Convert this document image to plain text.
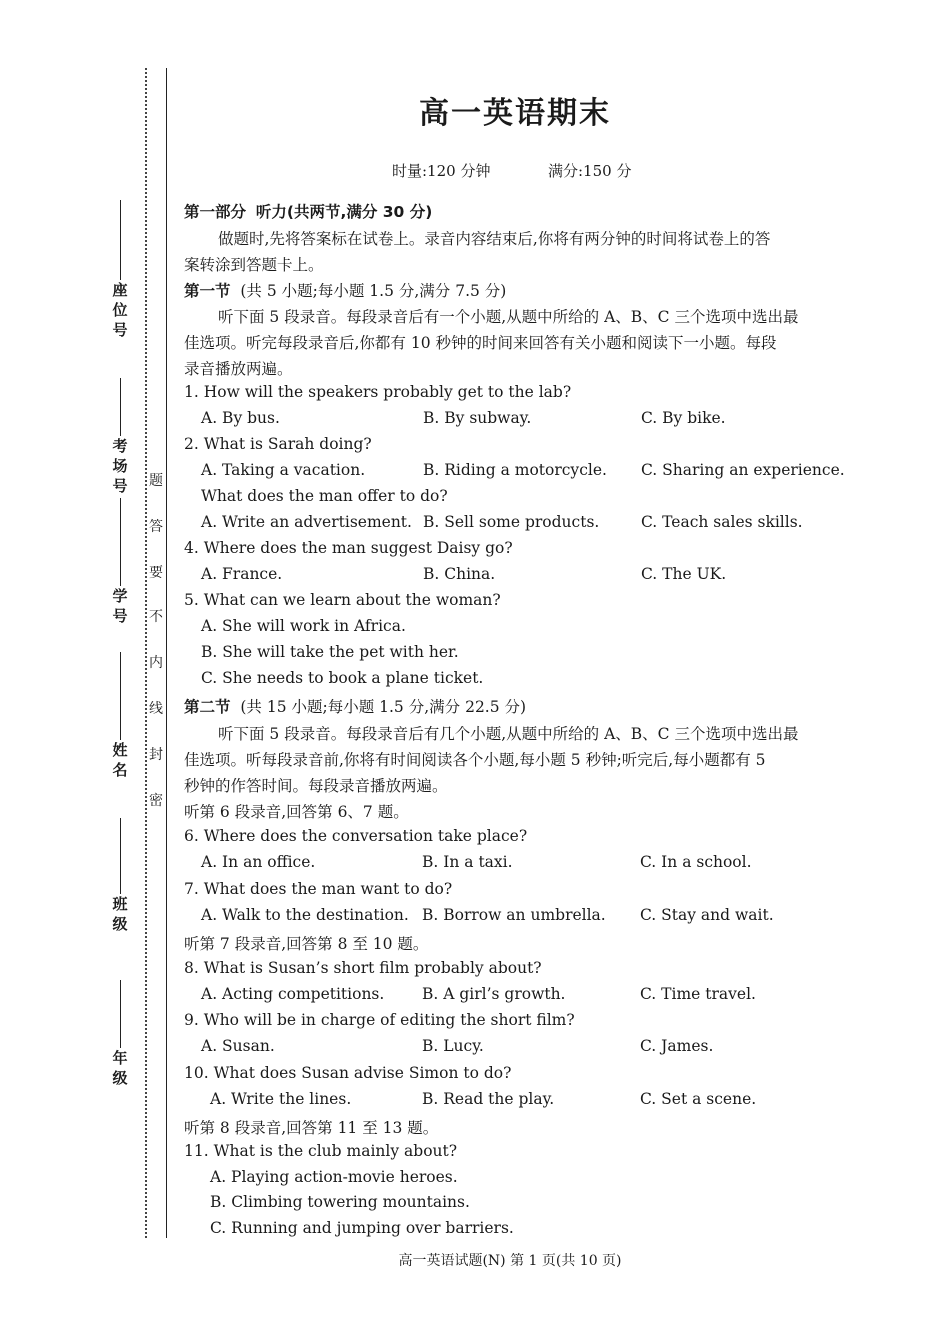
座位号
考场号
学 号
姓 名
班 级
年 级
密
封
线
内
不
要
答
题
高一英语期末
时量:120 分钟	满分:150 分
第一部分 听力(共两节,满分 30 分)
做题时,先将答案标在试卷上。录音内容结束后,你将有两分钟的时间将试卷上的答
案转涂到答题卡上。
第一节 (共 5 小题;每小题 1.5 分,满分 7.5 分)
听下面 5 段录音。每段录音后有一个小题,从题中所给的 A、B、C 三个选项中选出最
佳选项。听完每段录音后,你都有 10 秒钟的时间来回答有关小题和阅读下一小题。每段
录音播放两遍。
1. How will the speakers probably get to the lab?
A. By bus.	B. By subway.	C. By bike.
2. What is Sarah doing?
A. Taking a vacation.	B. Riding a motorcycle. C. Sharing an experience.
What does the man offer to do?
A. Write an advertisement. B. Sell some products.	C. Teach sales skills.
4. Where does the man suggest Daisy go?
A. France.	B. China.	C. The UK.
5. What can we learn about the woman?
A. She will work in Africa.
B. She will take the pet with her.
C. She needs to book a plane ticket.
第二节 (共 15 小题;每小题 1.5 分,满分 22.5 分)
听下面 5 段录音。每段录音后有几个小题,从题中所给的 A、B、C 三个选项中选出最
佳选项。听每段录音前,你将有时间阅读各个小题,每小题 5 秒钟;听完后,每小题都有 5
秒钟的作答时间。每段录音播放两遍。
听第 6 段录音,回答第 6、7 题。
6. Where does the conversation take place?
A. In an office.	B. In a taxi.	C. In a school.
7. What does the man want to do?
A. Walk to the destination. B. Borrow an umbrella. C. Stay and wait.
听第 7 段录音,回答第 8 至 10 题。
8. What is Susan’s short film probably about?
A. Acting competitions. B. A girl’s growth.	C. Time travel.
9. Who will be in charge of editing the short film?
A. Susan.	B. Lucy.	C. James.
10. What does Susan advise Simon to do?
A. Write the lines.	B. Read the play.	C. Set a scene.
听第 8 段录音,回答第 11 至 13 题。
11. What is the club mainly about?
A. Playing action-movie heroes.
B. Climbing towering mountains.
C. Running and jumping over barriers.
高一英语试题(N) 第 1 页(共 10 页)
